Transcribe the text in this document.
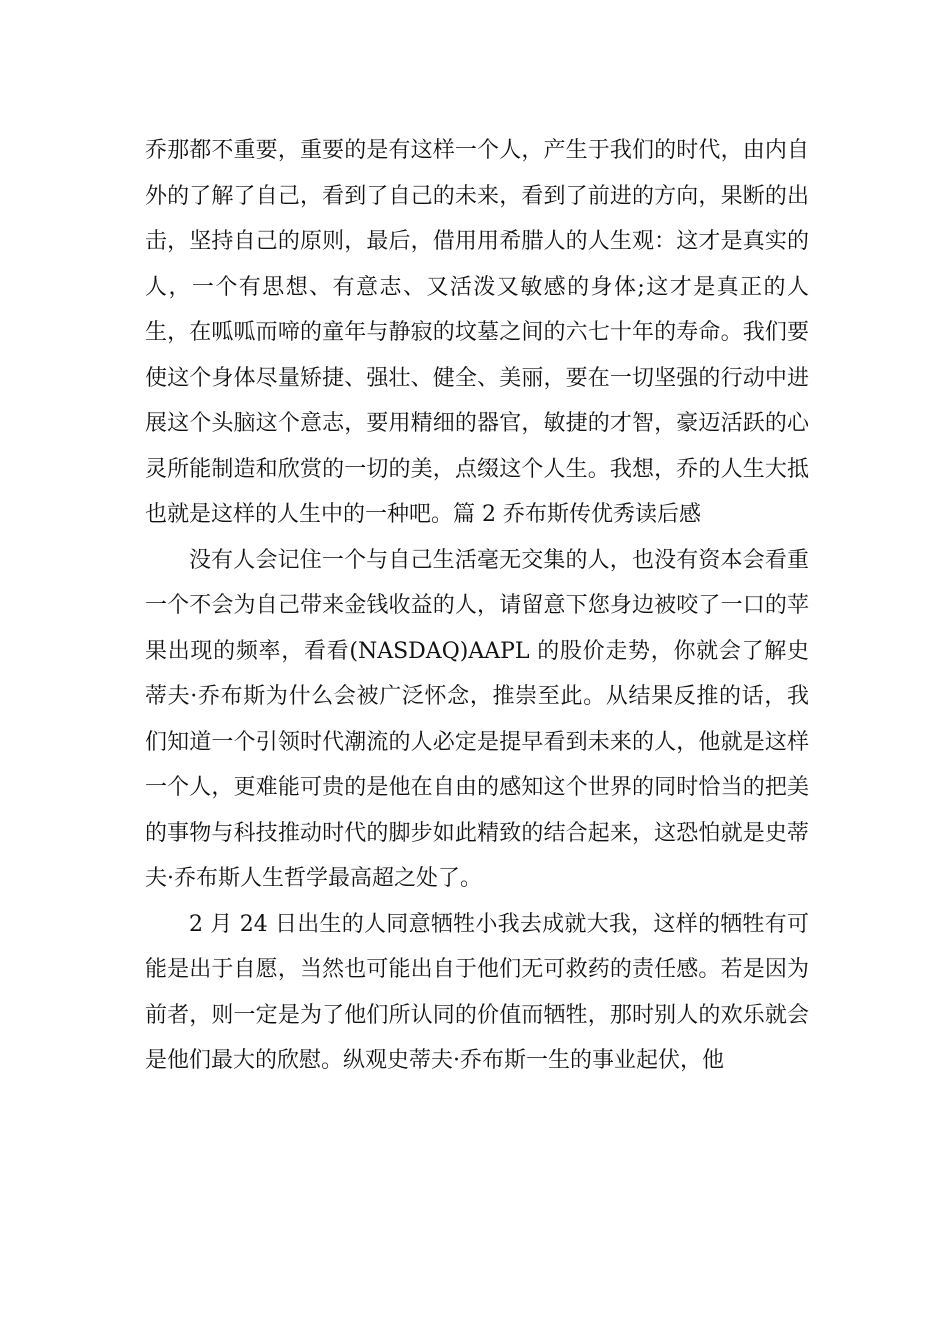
乔那都不重要，重要的是有这样一个人，产生于我们的时代，由内自外的了解了自己，看到了自己的未来，看到了前进的方向，果断的出击，坚持自己的原则，最后，借用用希腊人的人生观：这才是真实的人，一个有思想、有意志、又活泼又敏感的身体;这才是真正的人生，在呱呱而啼的童年与静寂的坟墓之间的六七十年的寿命。我们要使这个身体尽量矫捷、强壮、健全、美丽，要在一切坚强的行动中进展这个头脑这个意志，要用精细的器官，敏捷的才智，豪迈活跃的心灵所能制造和欣赏的一切的美，点缀这个人生。我想，乔的人生大抵也就是这样的人生中的一种吧。篇 2 乔布斯传优秀读后感

没有人会记住一个与自己生活毫无交集的人，也没有资本会看重一个不会为自己带来金钱收益的人，请留意下您身边被咬了一口的苹果出现的频率，看看(NASDAQ)AAPL 的股价走势，你就会了解史蒂夫·乔布斯为什么会被广泛怀念，推崇至此。从结果反推的话，我们知道一个引领时代潮流的人必定是提早看到未来的人，他就是这样一个人，更难能可贵的是他在自由的感知这个世界的同时恰当的把美的事物与科技推动时代的脚步如此精致的结合起来，这恐怕就是史蒂夫·乔布斯人生哲学最高超之处了。

2 月 24 日出生的人同意牺牲小我去成就大我，这样的牺牲有可能是出于自愿，当然也可能出自于他们无可救药的责任感。若是因为前者，则一定是为了他们所认同的价值而牺牲，那时别人的欢乐就会是他们最大的欣慰。纵观史蒂夫·乔布斯一生的事业起伏，他
